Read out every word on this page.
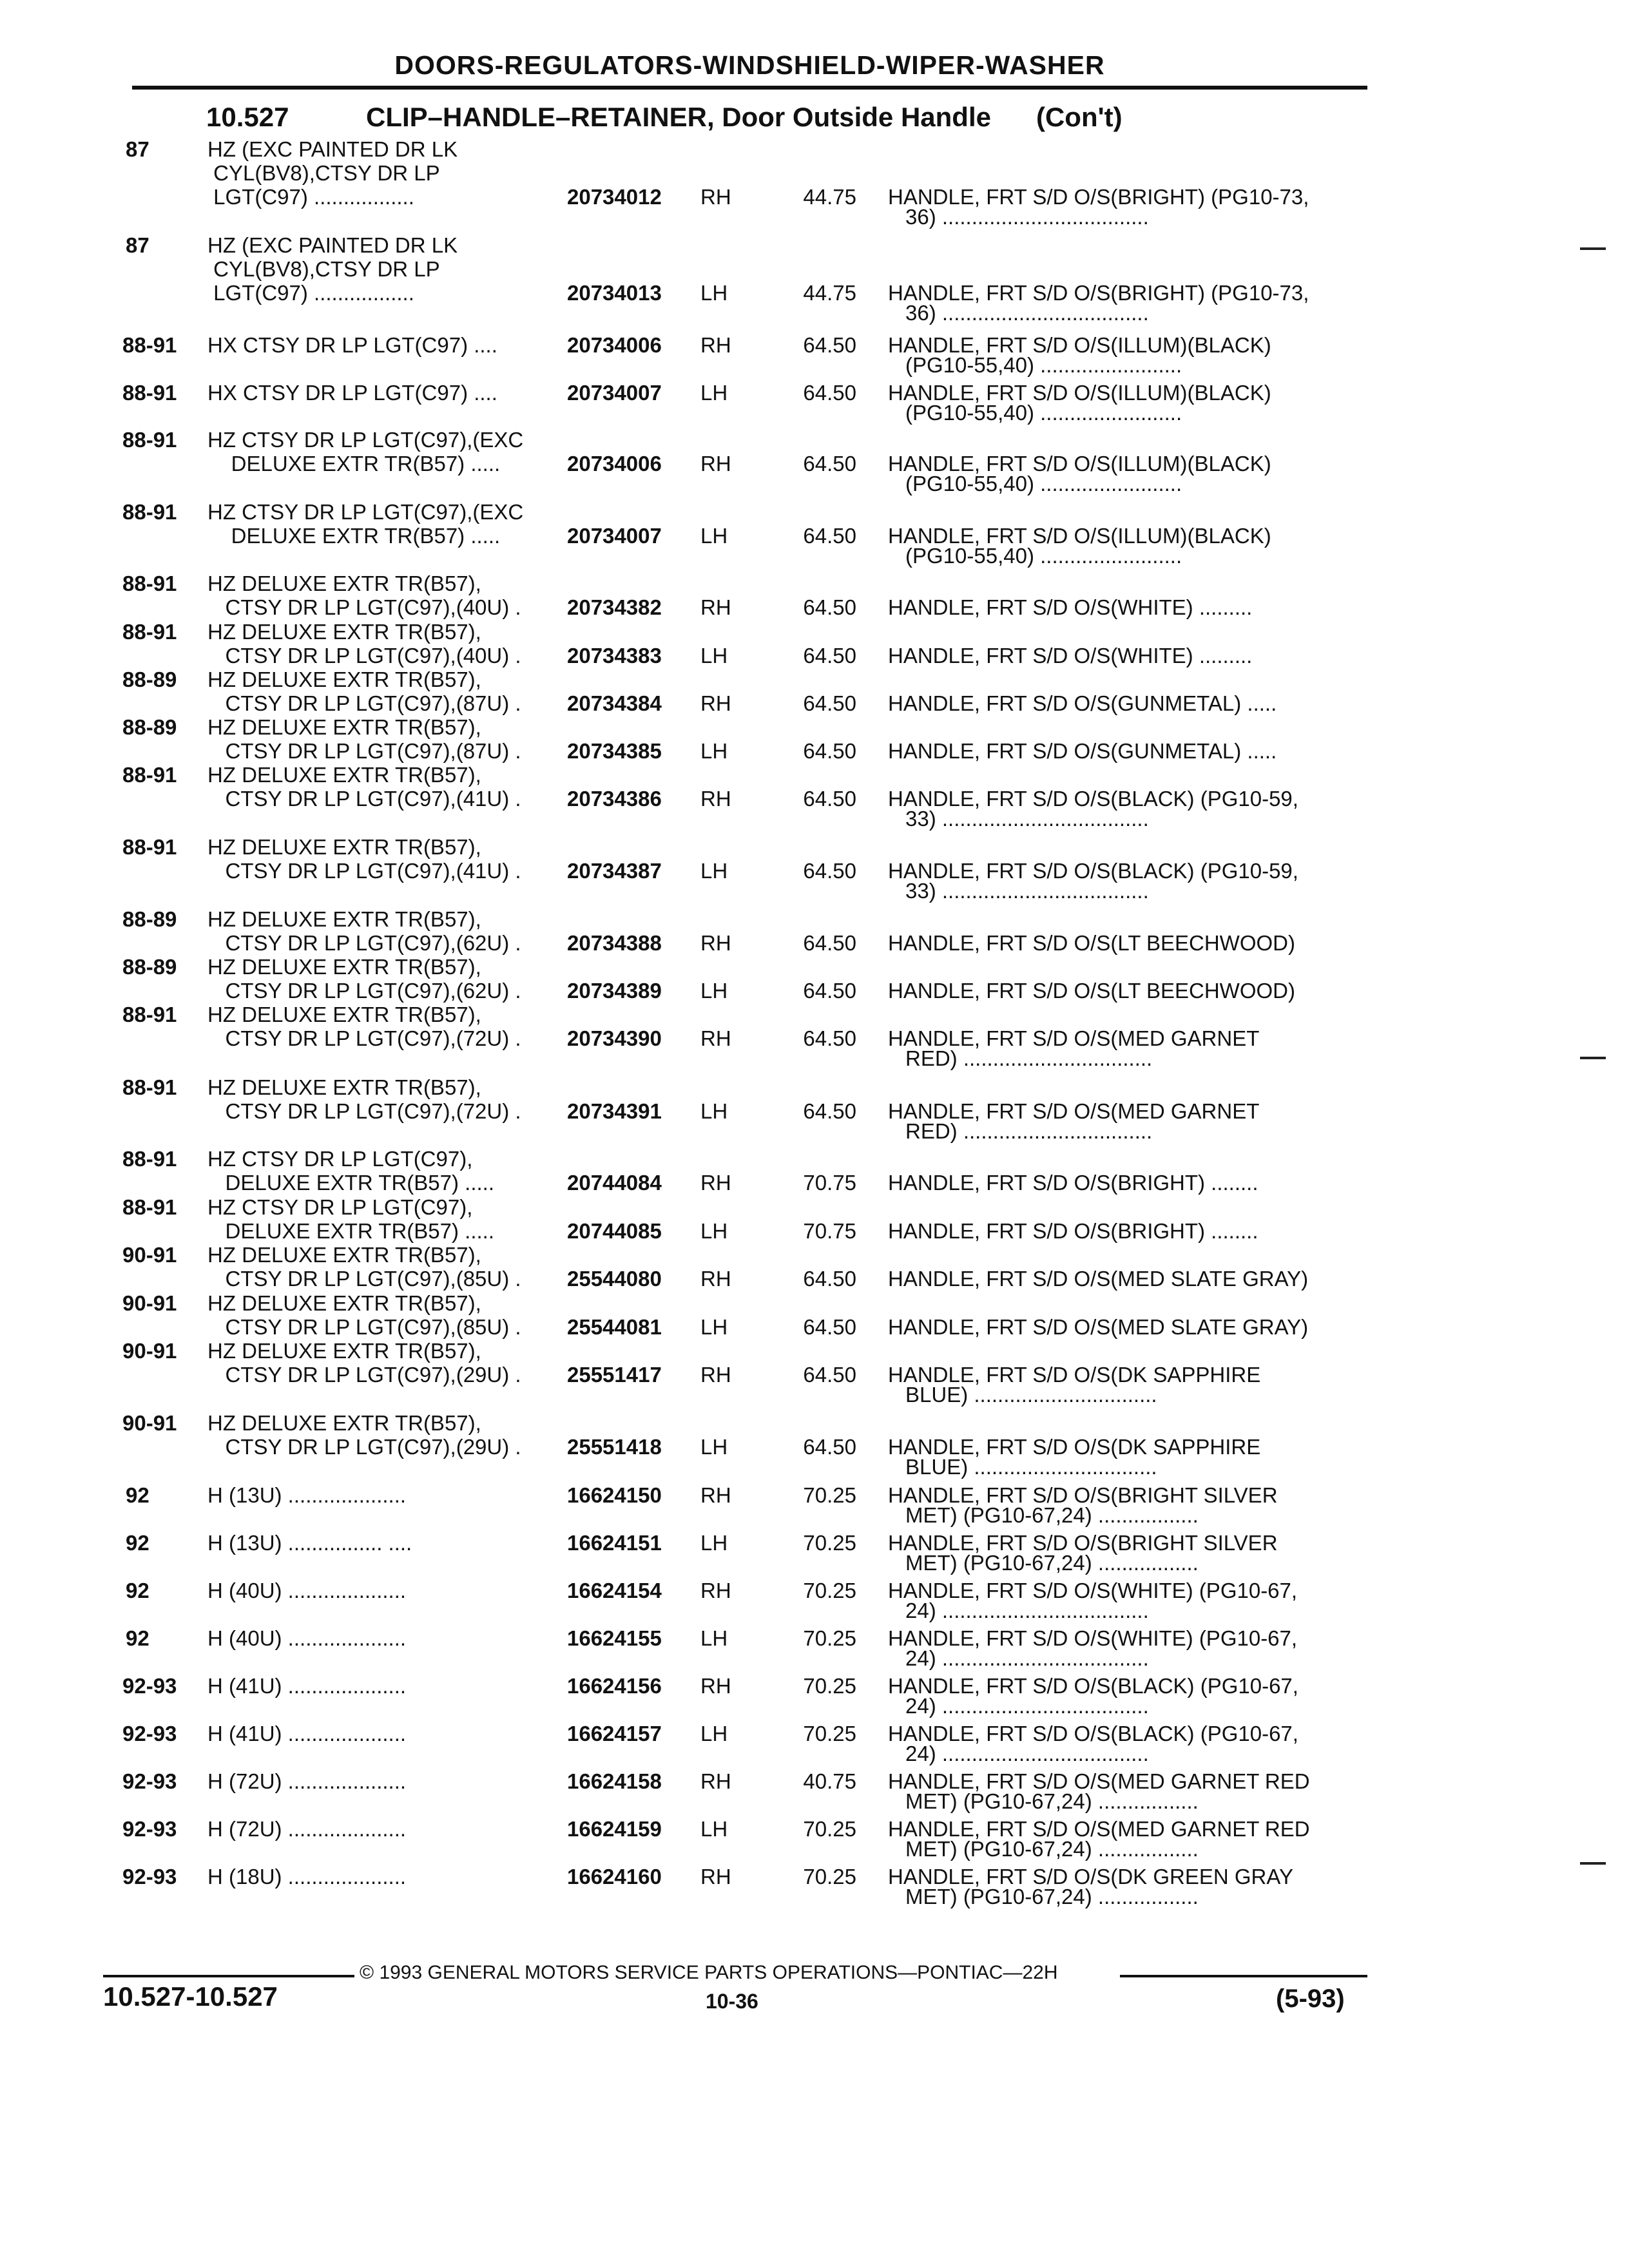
DOORS-REGULATORS-WINDSHIELD-WIPER-WASHER
10.527	CLIP–HANDLE–RETAINER, Door Outside Handle (Con't)
87	HZ (EXC PAINTED DR LK
CYL(BV8),CTSY DR LP
LGT(C97) .................	20734012 RH	44.75 HANDLE, FRT S/D O/S(BRIGHT) (PG10-73,
36) ...................................
87	HZ (EXC PAINTED DR LK
CYL(BV8),CTSY DR LP
LGT(C97) .................	20734013 LH	44.75 HANDLE, FRT S/D O/S(BRIGHT) (PG10-73,
36) ...................................
88-91 HX CTSY DR LP LGT(C97) ....	20734006 RH	64.50 HANDLE, FRT S/D O/S(ILLUM)(BLACK)
(PG10-55,40) ........................
88-91 HX CTSY DR LP LGT(C97) ....	20734007 LH	64.50 HANDLE, FRT S/D O/S(ILLUM)(BLACK)
(PG10-55,40) ........................
88-91 HZ CTSY DR LP LGT(C97),(EXC
DELUXE EXTR TR(B57) .....	20734006 RH	64.50 HANDLE, FRT S/D O/S(ILLUM)(BLACK)
(PG10-55,40) ........................
88-91 HZ CTSY DR LP LGT(C97),(EXC
DELUXE EXTR TR(B57) .....	20734007 LH	64.50 HANDLE, FRT S/D O/S(ILLUM)(BLACK)
(PG10-55,40) ........................
88-91 HZ DELUXE EXTR TR(B57),
CTSY DR LP LGT(C97),(40U) . 20734382 RH	64.50 HANDLE, FRT S/D O/S(WHITE) .........
88-91 HZ DELUXE EXTR TR(B57),
CTSY DR LP LGT(C97),(40U) . 20734383 LH	64.50 HANDLE, FRT S/D O/S(WHITE) .........
88-89 HZ DELUXE EXTR TR(B57),
CTSY DR LP LGT(C97),(87U) . 20734384 RH	64.50 HANDLE, FRT S/D O/S(GUNMETAL) .....
88-89 HZ DELUXE EXTR TR(B57),
CTSY DR LP LGT(C97),(87U) . 20734385 LH	64.50 HANDLE, FRT S/D O/S(GUNMETAL) .....
88-91 HZ DELUXE EXTR TR(B57),
CTSY DR LP LGT(C97),(41U) . 20734386 RH	64.50 HANDLE, FRT S/D O/S(BLACK) (PG10-59,
33) ...................................
88-91 HZ DELUXE EXTR TR(B57),
CTSY DR LP LGT(C97),(41U) . 20734387 LH	64.50 HANDLE, FRT S/D O/S(BLACK) (PG10-59,
33) ...................................
88-89 HZ DELUXE EXTR TR(B57),
CTSY DR LP LGT(C97),(62U) . 20734388 RH	64.50 HANDLE, FRT S/D O/S(LT BEECHWOOD)
88-89 HZ DELUXE EXTR TR(B57),
CTSY DR LP LGT(C97),(62U) . 20734389 LH	64.50 HANDLE, FRT S/D O/S(LT BEECHWOOD)
88-91 HZ DELUXE EXTR TR(B57),
CTSY DR LP LGT(C97),(72U) . 20734390 RH	64.50 HANDLE, FRT S/D O/S(MED GARNET
RED) ................................
88-91 HZ DELUXE EXTR TR(B57),
CTSY DR LP LGT(C97),(72U) . 20734391 LH	64.50 HANDLE, FRT S/D O/S(MED GARNET
RED) ................................
88-91 HZ CTSY DR LP LGT(C97),
DELUXE EXTR TR(B57) .....	20744084 RH	70.75 HANDLE, FRT S/D O/S(BRIGHT) ........
88-91 HZ CTSY DR LP LGT(C97),
DELUXE EXTR TR(B57) .....	20744085 LH	70.75 HANDLE, FRT S/D O/S(BRIGHT) ........
90-91 HZ DELUXE EXTR TR(B57),
CTSY DR LP LGT(C97),(85U) . 25544080 RH	64.50 HANDLE, FRT S/D O/S(MED SLATE GRAY)
90-91 HZ DELUXE EXTR TR(B57),
CTSY DR LP LGT(C97),(85U) . 25544081 LH	64.50 HANDLE, FRT S/D O/S(MED SLATE GRAY)
90-91 HZ DELUXE EXTR TR(B57),
CTSY DR LP LGT(C97),(29U) . 25551417 RH	64.50 HANDLE, FRT S/D O/S(DK SAPPHIRE
BLUE) ...............................
90-91 HZ DELUXE EXTR TR(B57),
CTSY DR LP LGT(C97),(29U) . 25551418 LH	64.50 HANDLE, FRT S/D O/S(DK SAPPHIRE
BLUE) ...............................
92	H (13U) ....................	16624150 RH	70.25 HANDLE, FRT S/D O/S(BRIGHT SILVER
MET) (PG10-67,24) .................
92	H (13U) ................ ....	16624151 LH	70.25 HANDLE, FRT S/D O/S(BRIGHT SILVER
MET) (PG10-67,24) .................
92	H (40U) ....................	16624154 RH	70.25 HANDLE, FRT S/D O/S(WHITE) (PG10-67,
24) ...................................
92	H (40U) ....................	16624155 LH	70.25 HANDLE, FRT S/D O/S(WHITE) (PG10-67,
24) ...................................
92-93 H (41U) ....................	16624156 RH	70.25 HANDLE, FRT S/D O/S(BLACK) (PG10-67,
24) ...................................
92-93 H (41U) ....................	16624157 LH	70.25 HANDLE, FRT S/D O/S(BLACK) (PG10-67,
24) ...................................
92-93 H (72U) ....................	16624158 RH	40.75 HANDLE, FRT S/D O/S(MED GARNET RED
MET) (PG10-67,24) .................
92-93 H (72U) ....................	16624159 LH	70.25 HANDLE, FRT S/D O/S(MED GARNET RED
MET) (PG10-67,24) .................
92-93 H (18U) ....................	16624160 RH	70.25 HANDLE, FRT S/D O/S(DK GREEN GRAY
MET) (PG10-67,24) .................
© 1993 GENERAL MOTORS SERVICE PARTS OPERATIONS—PONTIAC—22H
10.527-10.527	10-36	(5-93)
